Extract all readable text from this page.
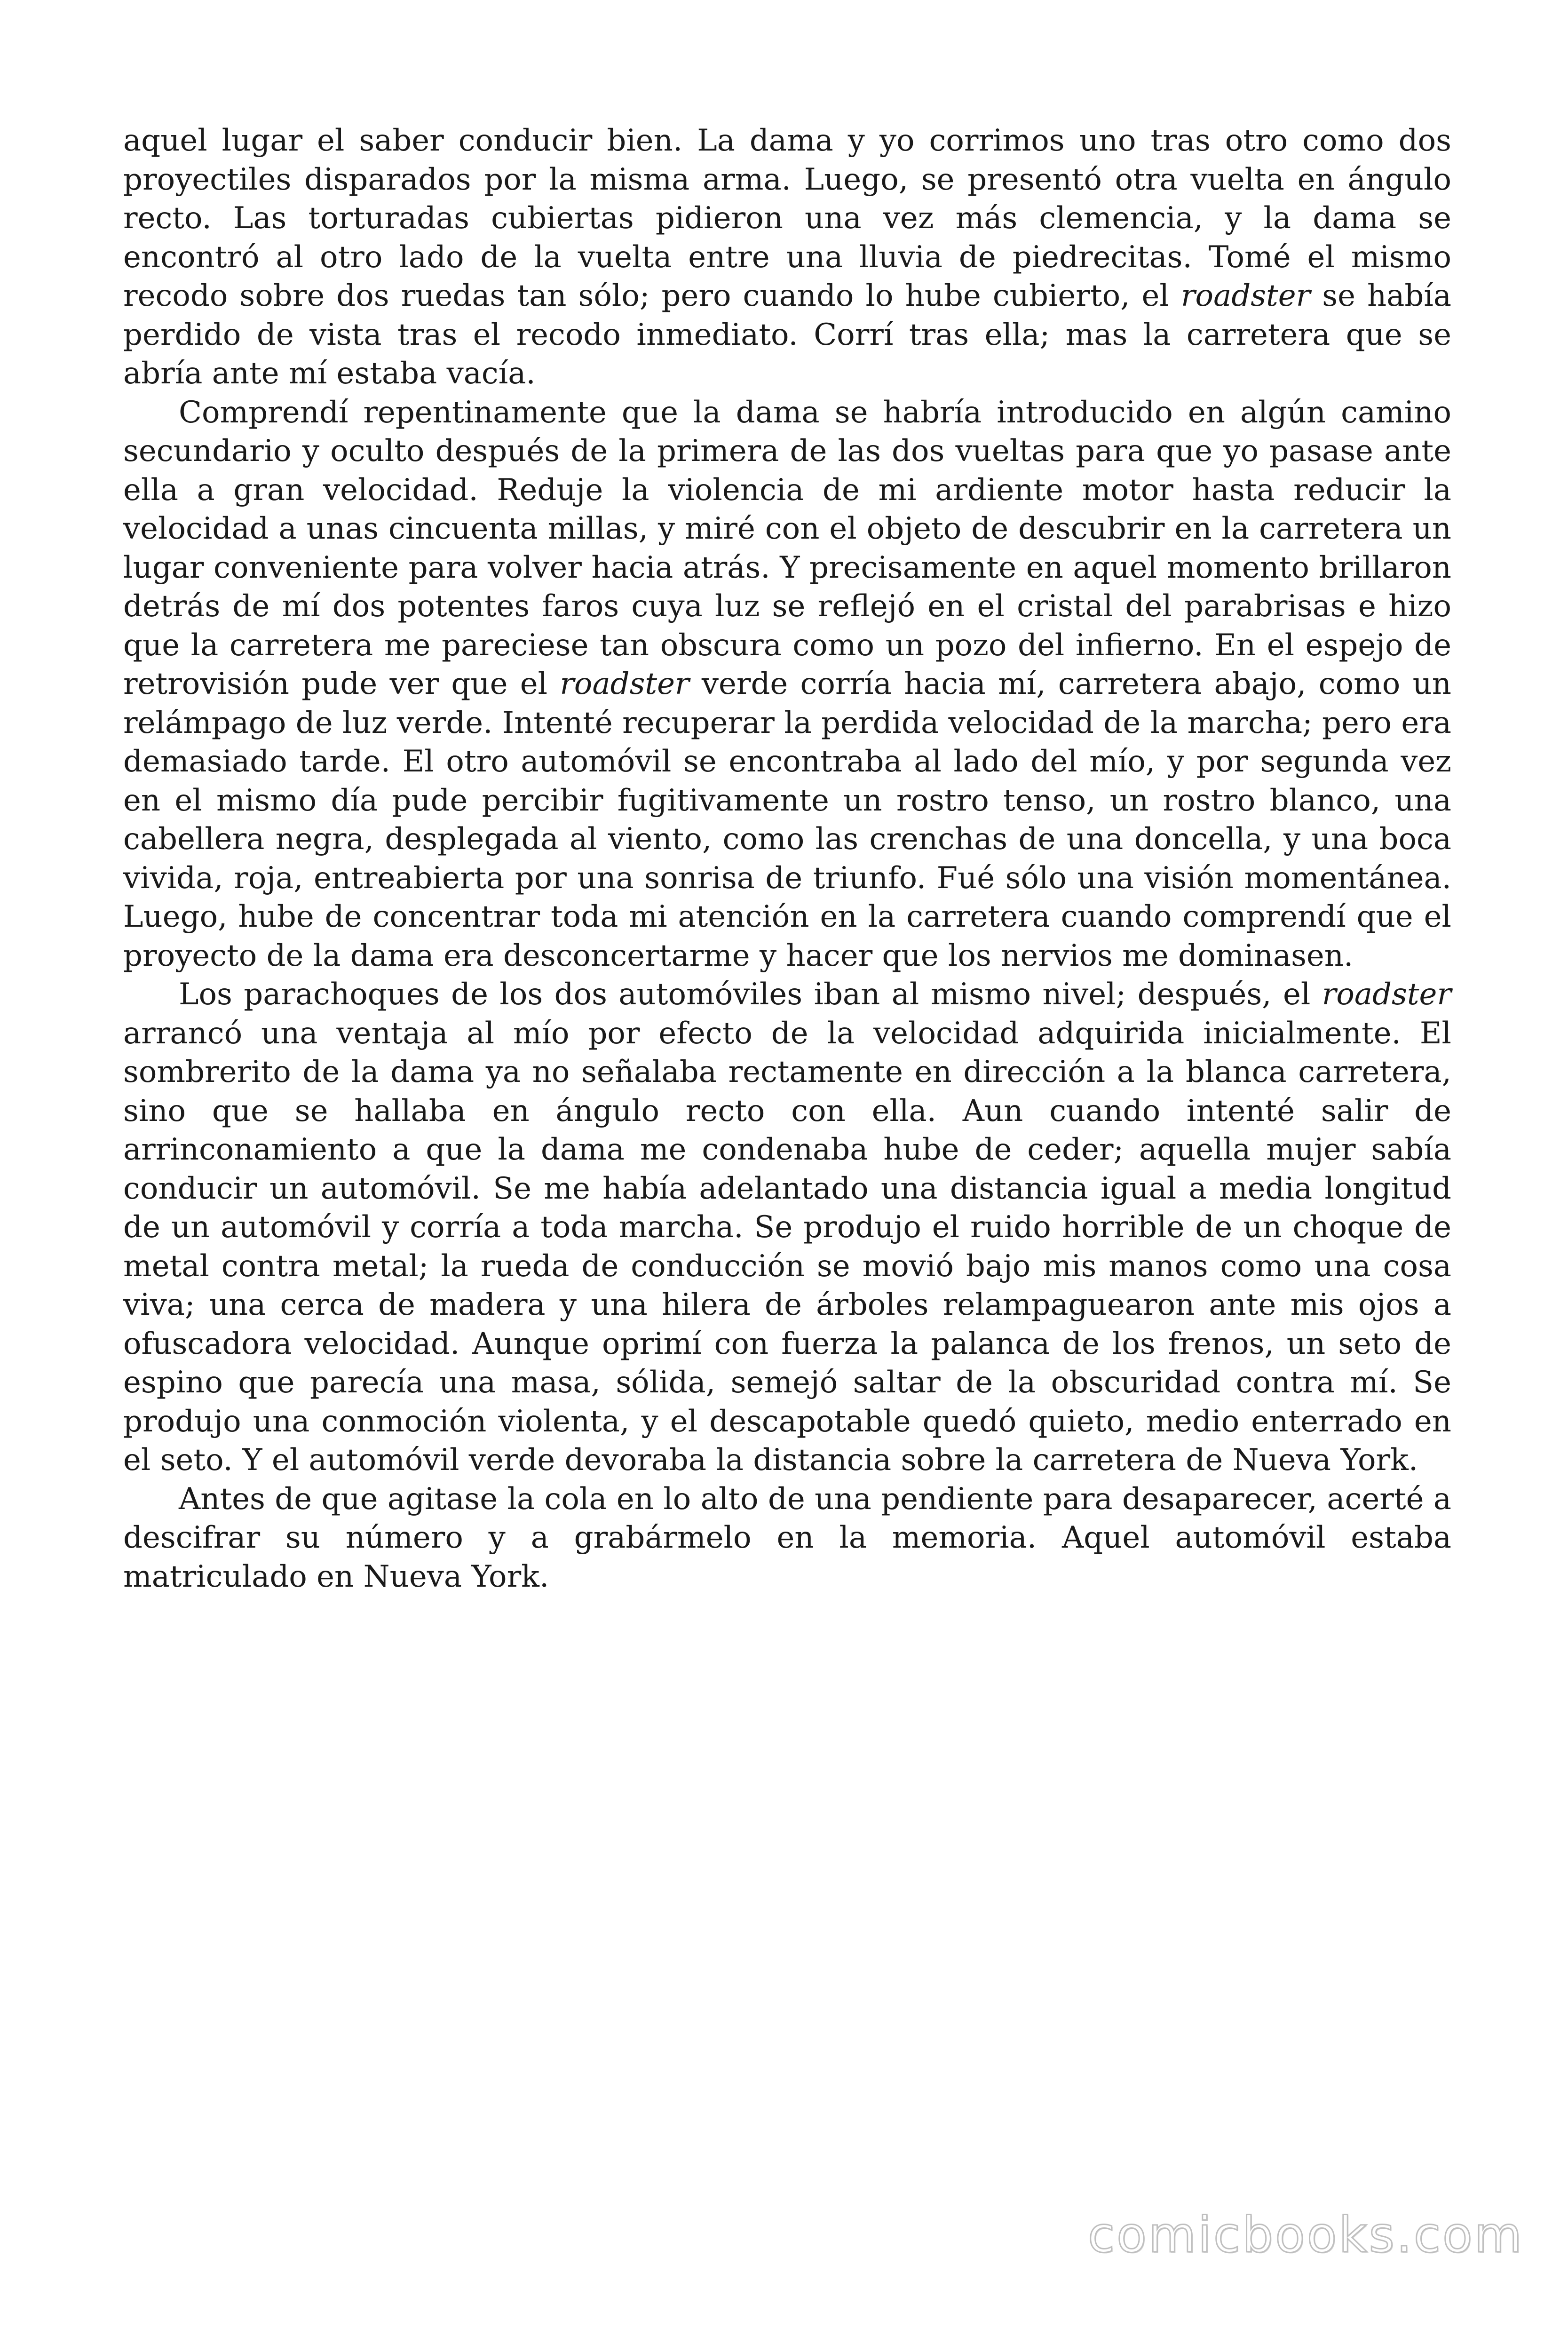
aquel lugar el saber conducir bien. La dama y yo corrimos uno tras otro como dos proyectiles disparados por la misma arma. Luego, se presentó otra vuelta en ángulo recto. Las torturadas cubiertas pidieron una vez más clemencia, y la dama se encontró al otro lado de la vuelta entre una lluvia de piedrecitas. Tomé el mismo recodo sobre dos ruedas tan sólo; pero cuando lo hube cubierto, el roadster se había perdido de vista tras el recodo inmediato. Corrí tras ella; mas la carretera que se abría ante mí estaba vacía.

Comprendí repentinamente que la dama se habría introducido en algún camino secundario y oculto después de la primera de las dos vueltas para que yo pasase ante ella a gran velocidad. Reduje la violencia de mi ardiente motor hasta reducir la velocidad a unas cincuenta millas, y miré con el objeto de descubrir en la carretera un lugar conveniente para volver hacia atrás. Y precisamente en aquel momento brillaron detrás de mí dos potentes faros cuya luz se reflejó en el cristal del parabrisas e hizo que la carretera me pareciese tan obscura como un pozo del infierno. En el espejo de retrovisión pude ver que el roadster verde corría hacia mí, carretera abajo, como un relámpago de luz verde. Intenté recuperar la perdida velocidad de la marcha; pero era demasiado tarde. El otro automóvil se encontraba al lado del mío, y por segunda vez en el mismo día pude percibir fugitivamente un rostro tenso, un rostro blanco, una cabellera negra, desplegada al viento, como las crenchas de una doncella, y una boca vivida, roja, entreabierta por una sonrisa de triunfo. Fué sólo una visión momentánea. Luego, hube de concentrar toda mi atención en la carretera cuando comprendí que el proyecto de la dama era desconcertarme y hacer que los nervios me dominasen.

Los parachoques de los dos automóviles iban al mismo nivel; después, el roadster arrancó una ventaja al mío por efecto de la velocidad adquirida inicialmente. El sombrerito de la dama ya no señalaba rectamente en dirección a la blanca carretera, sino que se hallaba en ángulo recto con ella. Aun cuando intenté salir de arrinconamiento a que la dama me condenaba hube de ceder; aquella mujer sabía conducir un automóvil. Se me había adelantado una distancia igual a media longitud de un automóvil y corría a toda marcha. Se produjo el ruido horrible de un choque de metal contra metal; la rueda de conducción se movió bajo mis manos como una cosa viva; una cerca de madera y una hilera de árboles relampaguearon ante mis ojos a ofuscadora velocidad. Aunque oprimí con fuerza la palanca de los frenos, un seto de espino que parecía una masa, sólida, semejó saltar de la obscuridad contra mí. Se produjo una conmoción violenta, y el descapotable quedó quieto, medio enterrado en el seto. Y el automóvil verde devoraba la distancia sobre la carretera de Nueva York.

Antes de que agitase la cola en lo alto de una pendiente para desaparecer, acerté a descifrar su número y a grabármelo en la memoria. Aquel automóvil estaba matriculado en Nueva York.

comicbooks.com
